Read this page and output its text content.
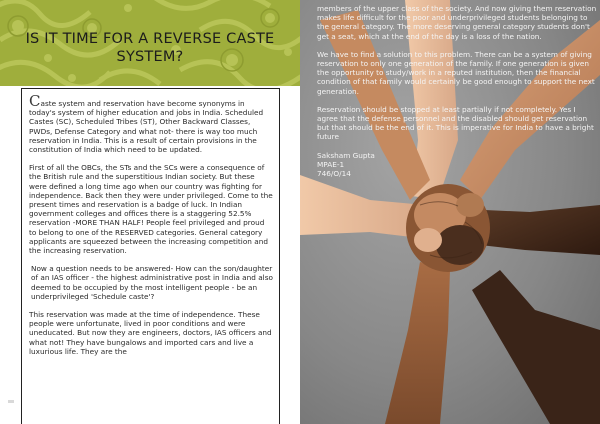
IS IT TIME FOR A REVERSE CASTE SYSTEM?

Caste system and reservation have become synonyms in today's system of higher education and jobs in India. Scheduled Castes (SC), Scheduled Tribes (ST), Other Backward Classes, PWDs, Defense Category and what not- there is way too much reservation in India. This is a result of certain provisions in the constitution of India which need to be updated.

First of all the OBCs, the STs and the SCs were a consequence of the British rule and the superstitious Indian society. But these were defined a long time ago when our country was fighting for independence. Back then they were under privileged. Come to the present times and reservation is a badge of luck. In Indian government colleges and offices there is a staggering 52.5% reservation -MORE THAN HALF! People feel privileged and proud to belong to one of the RESERVED categories. General category applicants are squeezed between the increasing competition and the increasing reservation.

Now a question needs to be answered- How can the son/daughter of an IAS officer - the highest administrative post in India and also deemed to be occupied by the most intelligent people - be an underprivileged 'Schedule caste'?

This reservation was made at the time of independence. These people were unfortunate, lived in poor conditions and were uneducated. But now they are engineers, doctors, IAS officers and what not! They have bungalows and imported cars and live a luxurious life. They are the

members of the upper class of the society. And now giving them reservation makes life difficult for the poor and underprivileged students belonging to the general category. The more deserving general category students don't get a seat, which at the end of the day is a loss of the nation.

We have to find a solution to this problem. There can be a system of giving reservation to only one generation of the family. If one generation is given the opportunity to study/work in a reputed institution, then the financial condition of that family would certainly be good enough to support the next generation.

Reservation should be stopped at least partially if not completely. Yes I agree that the defense personnel and the disabled should get reservation but that should be the end of it. This is imperative for India to have a bright future

Saksham Gupta
MPAE-1
746/O/14
